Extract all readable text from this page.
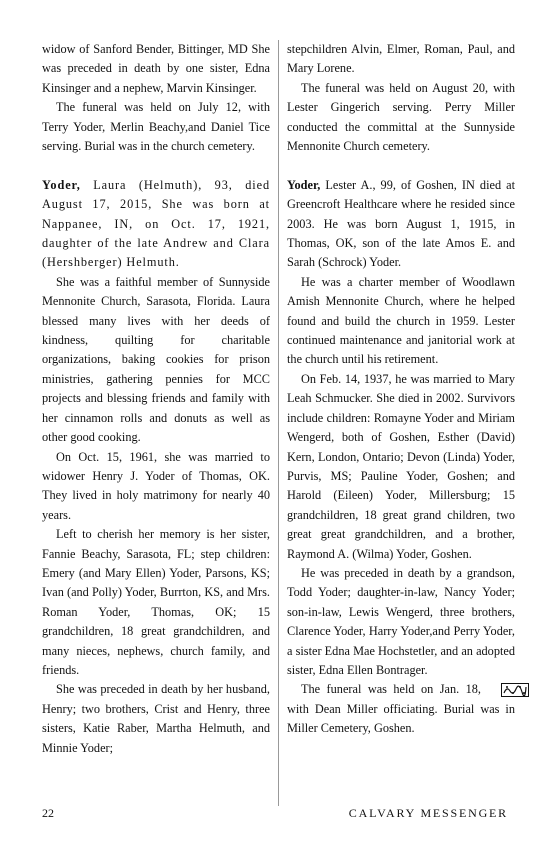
widow of Sanford Bender, Bittinger, MD She was preceded in death by one sister, Edna Kinsinger and a nephew, Marvin Kinsinger.

The funeral was held on July 12, with Terry Yoder, Merlin Beachy,and Daniel Tice serving. Burial was in the church cemetery.

Yoder, Laura (Helmuth), 93, died August 17, 2015, She was born at Nappanee, IN, on Oct. 17, 1921, daughter of the late Andrew and Clara (Hershberger) Helmuth.

She was a faithful member of Sunnyside Mennonite Church, Sarasota, Florida. Laura blessed many lives with her deeds of kindness, quilting for charitable organizations, baking cookies for prison ministries, gathering pennies for MCC projects and blessing friends and family with her cinnamon rolls and donuts as well as other good cooking.

On Oct. 15, 1961, she was married to widower Henry J. Yoder of Thomas, OK. They lived in holy matrimony for nearly 40 years.

Left to cherish her memory is her sister, Fannie Beachy, Sarasota, FL; step children: Emery (and Mary Ellen) Yoder, Parsons, KS; Ivan (and Polly) Yoder, Burrton, KS, and Mrs. Roman Yoder, Thomas, OK; 15 grandchildren, 18 great grandchildren, and many nieces, nephews, church family, and friends.

She was preceded in death by her husband, Henry; two brothers, Crist and Henry, three sisters, Katie Raber, Martha Helmuth, and Minnie Yoder;

stepchildren Alvin, Elmer, Roman, Paul, and Mary Lorene.

The funeral was held on August 20, with Lester Gingerich serving. Perry Miller conducted the committal at the Sunnyside Mennonite Church cemetery.

Yoder, Lester A., 99, of Goshen, IN died at Greencroft Healthcare where he resided since 2003. He was born August 1, 1915, in Thomas, OK, son of the late Amos E. and Sarah (Schrock) Yoder.

He was a charter member of Woodlawn Amish Mennonite Church, where he helped found and build the church in 1959. Lester continued maintenance and janitorial work at the church until his retirement.

On Feb. 14, 1937, he was married to Mary Leah Schmucker. She died in 2002. Survivors include children: Romayne Yoder and Miriam Wengerd, both of Goshen, Esther (David) Kern, London, Ontario; Devon (Linda) Yoder, Purvis, MS; Pauline Yoder, Goshen; and Harold (Eileen) Yoder, Millersburg; 15 grandchildren, 18 great grand children, two great great grandchildren, and a brother, Raymond A. (Wilma) Yoder, Goshen.

He was preceded in death by a grandson, Todd Yoder; daughter-in-law, Nancy Yoder; son-in-law, Lewis Wengerd, three brothers, Clarence Yoder, Harry Yoder,and Perry Yoder, a sister Edna Mae Hochstetler, and an adopted sister, Edna Ellen Bontrager.

The funeral was held on Jan. 18, with Dean Miller officiating. Burial was in Miller Cemetery, Goshen.

22	CALVARY MESSENGER
